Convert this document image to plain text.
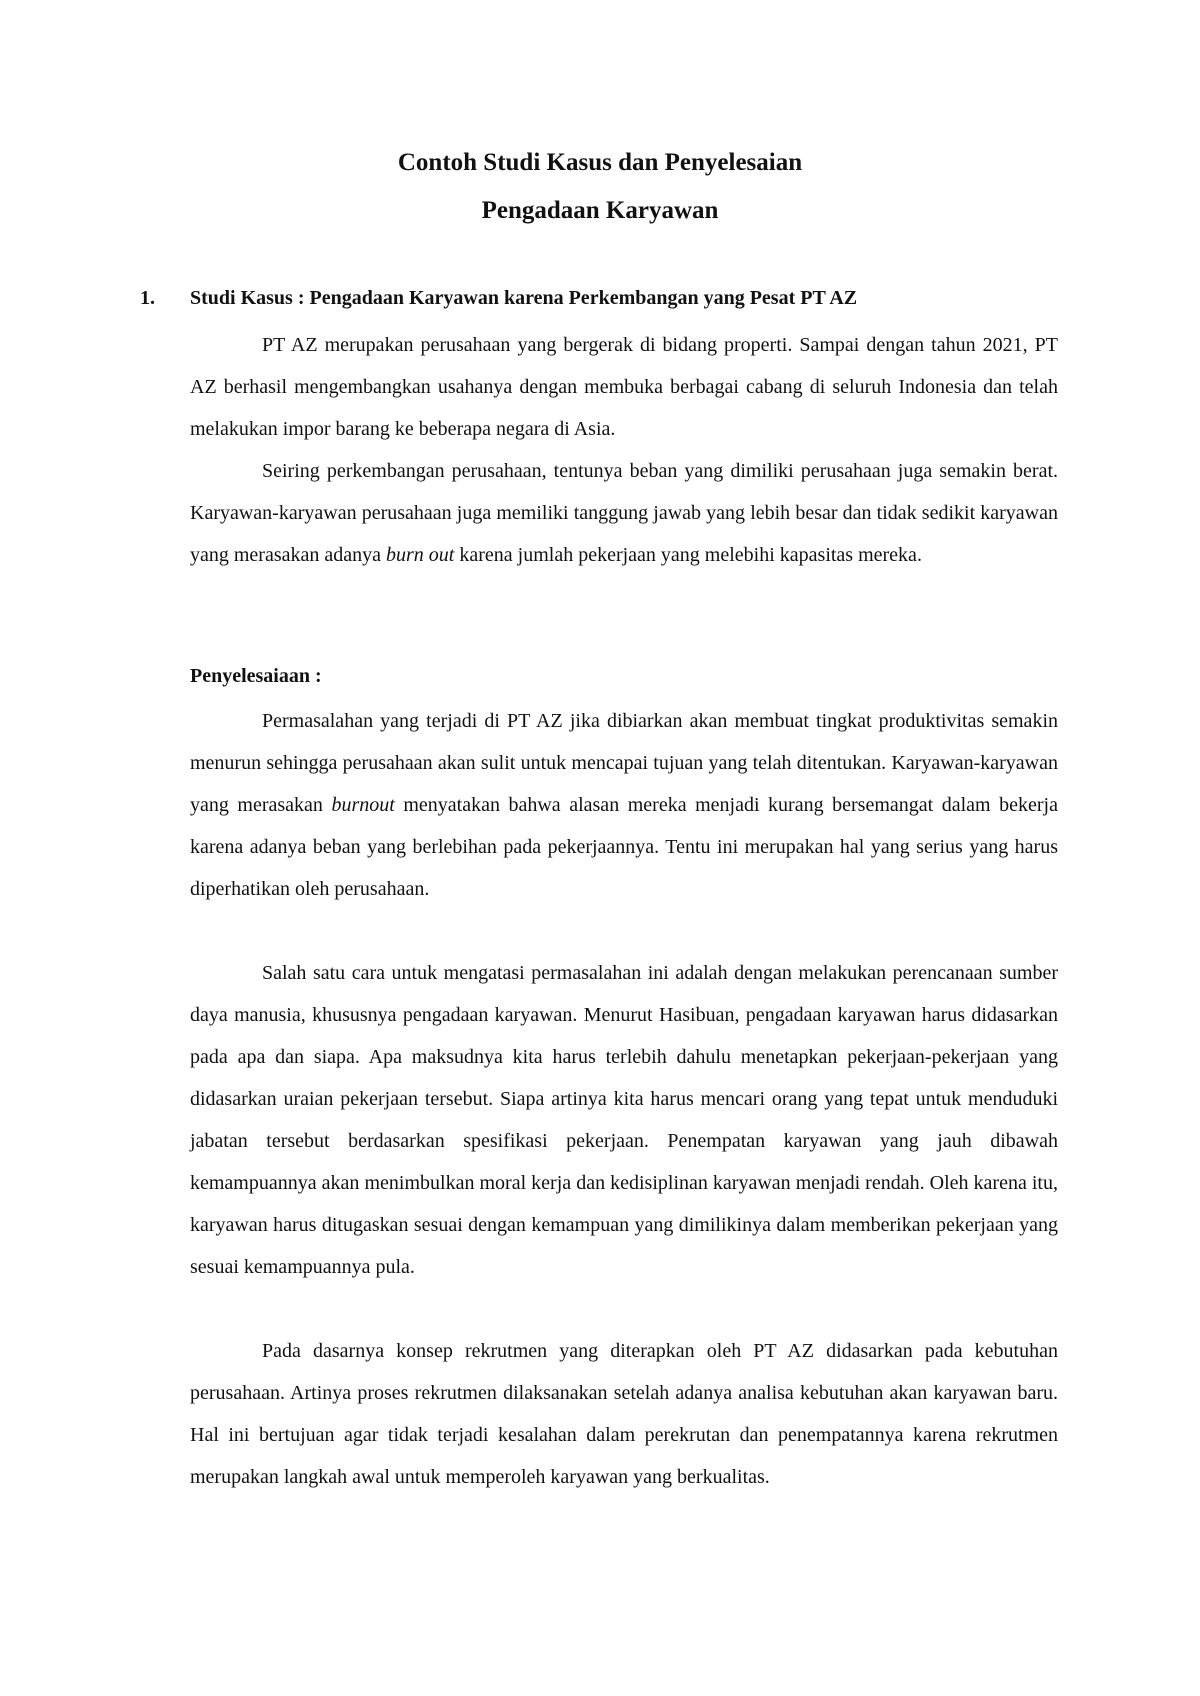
Contoh Studi Kasus dan Penyelesaian
Pengadaan Karyawan

1. Studi Kasus : Pengadaan Karyawan karena Perkembangan yang Pesat PT AZ

PT AZ merupakan perusahaan yang bergerak di bidang properti. Sampai dengan tahun 2021, PT AZ berhasil mengembangkan usahanya dengan membuka berbagai cabang di seluruh Indonesia dan telah melakukan impor barang ke beberapa negara di Asia.

Seiring perkembangan perusahaan, tentunya beban yang dimiliki perusahaan juga semakin berat. Karyawan-karyawan perusahaan juga memiliki tanggung jawab yang lebih besar dan tidak sedikit karyawan yang merasakan adanya burn out karena jumlah pekerjaan yang melebihi kapasitas mereka.

Penyelesaiaan :

Permasalahan yang terjadi di PT AZ jika dibiarkan akan membuat tingkat produktivitas semakin menurun sehingga perusahaan akan sulit untuk mencapai tujuan yang telah ditentukan. Karyawan-karyawan yang merasakan burnout menyatakan bahwa alasan mereka menjadi kurang bersemangat dalam bekerja karena adanya beban yang berlebihan pada pekerjaannya. Tentu ini merupakan hal yang serius yang harus diperhatikan oleh perusahaan.

Salah satu cara untuk mengatasi permasalahan ini adalah dengan melakukan perencanaan sumber daya manusia, khususnya pengadaan karyawan. Menurut Hasibuan, pengadaan karyawan harus didasarkan pada apa dan siapa. Apa maksudnya kita harus terlebih dahulu menetapkan pekerjaan-pekerjaan yang didasarkan uraian pekerjaan tersebut. Siapa artinya kita harus mencari orang yang tepat untuk menduduki jabatan tersebut berdasarkan spesifikasi pekerjaan. Penempatan karyawan yang jauh dibawah kemampuannya akan menimbulkan moral kerja dan kedisiplinan karyawan menjadi rendah. Oleh karena itu, karyawan harus ditugaskan sesuai dengan kemampuan yang dimilikinya dalam memberikan pekerjaan yang sesuai kemampuannya pula.

Pada dasarnya konsep rekrutmen yang diterapkan oleh PT AZ didasarkan pada kebutuhan perusahaan. Artinya proses rekrutmen dilaksanakan setelah adanya analisa kebutuhan akan karyawan baru. Hal ini bertujuan agar tidak terjadi kesalahan dalam perekrutan dan penempatannya karena rekrutmen merupakan langkah awal untuk memperoleh karyawan yang berkualitas.
